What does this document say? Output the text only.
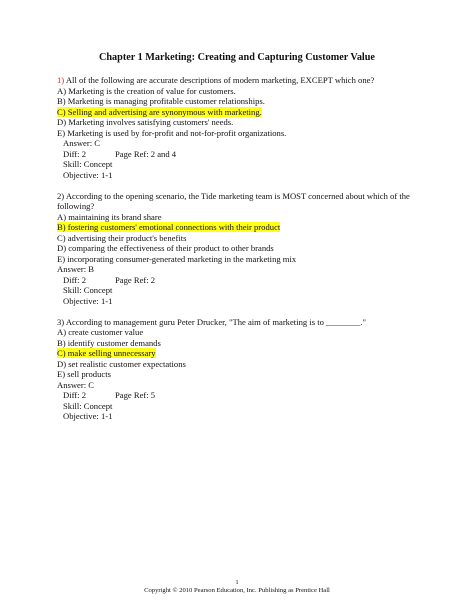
Chapter 1 Marketing: Creating and Capturing Customer Value
1) All of the following are accurate descriptions of modern marketing, EXCEPT which one?
A) Marketing is the creation of value for customers.
B) Marketing is managing profitable customer relationships.
C) Selling and advertising are synonymous with marketing.
D) Marketing involves satisfying customers' needs.
E) Marketing is used by for-profit and not-for-profit organizations.
Answer: C
Diff: 2	Page Ref: 2 and 4
Skill: Concept
Objective: 1-1
2) According to the opening scenario, the Tide marketing team is MOST concerned about which of the following?
A) maintaining its brand share
B) fostering customers' emotional connections with their product
C) advertising their product's benefits
D) comparing the effectiveness of their product to other brands
E) incorporating consumer-generated marketing in the marketing mix
Answer: B
Diff: 2	Page Ref: 2
Skill: Concept
Objective: 1-1
3) According to management guru Peter Drucker, "The aim of marketing is to ________."
A) create customer value
B) identify customer demands
C) make selling unnecessary
D) set realistic customer expectations
E) sell products
Answer: C
Diff: 2	Page Ref: 5
Skill: Concept
Objective: 1-1
1
Copyright © 2010 Pearson Education, Inc. Publishing as Prentice Hall
